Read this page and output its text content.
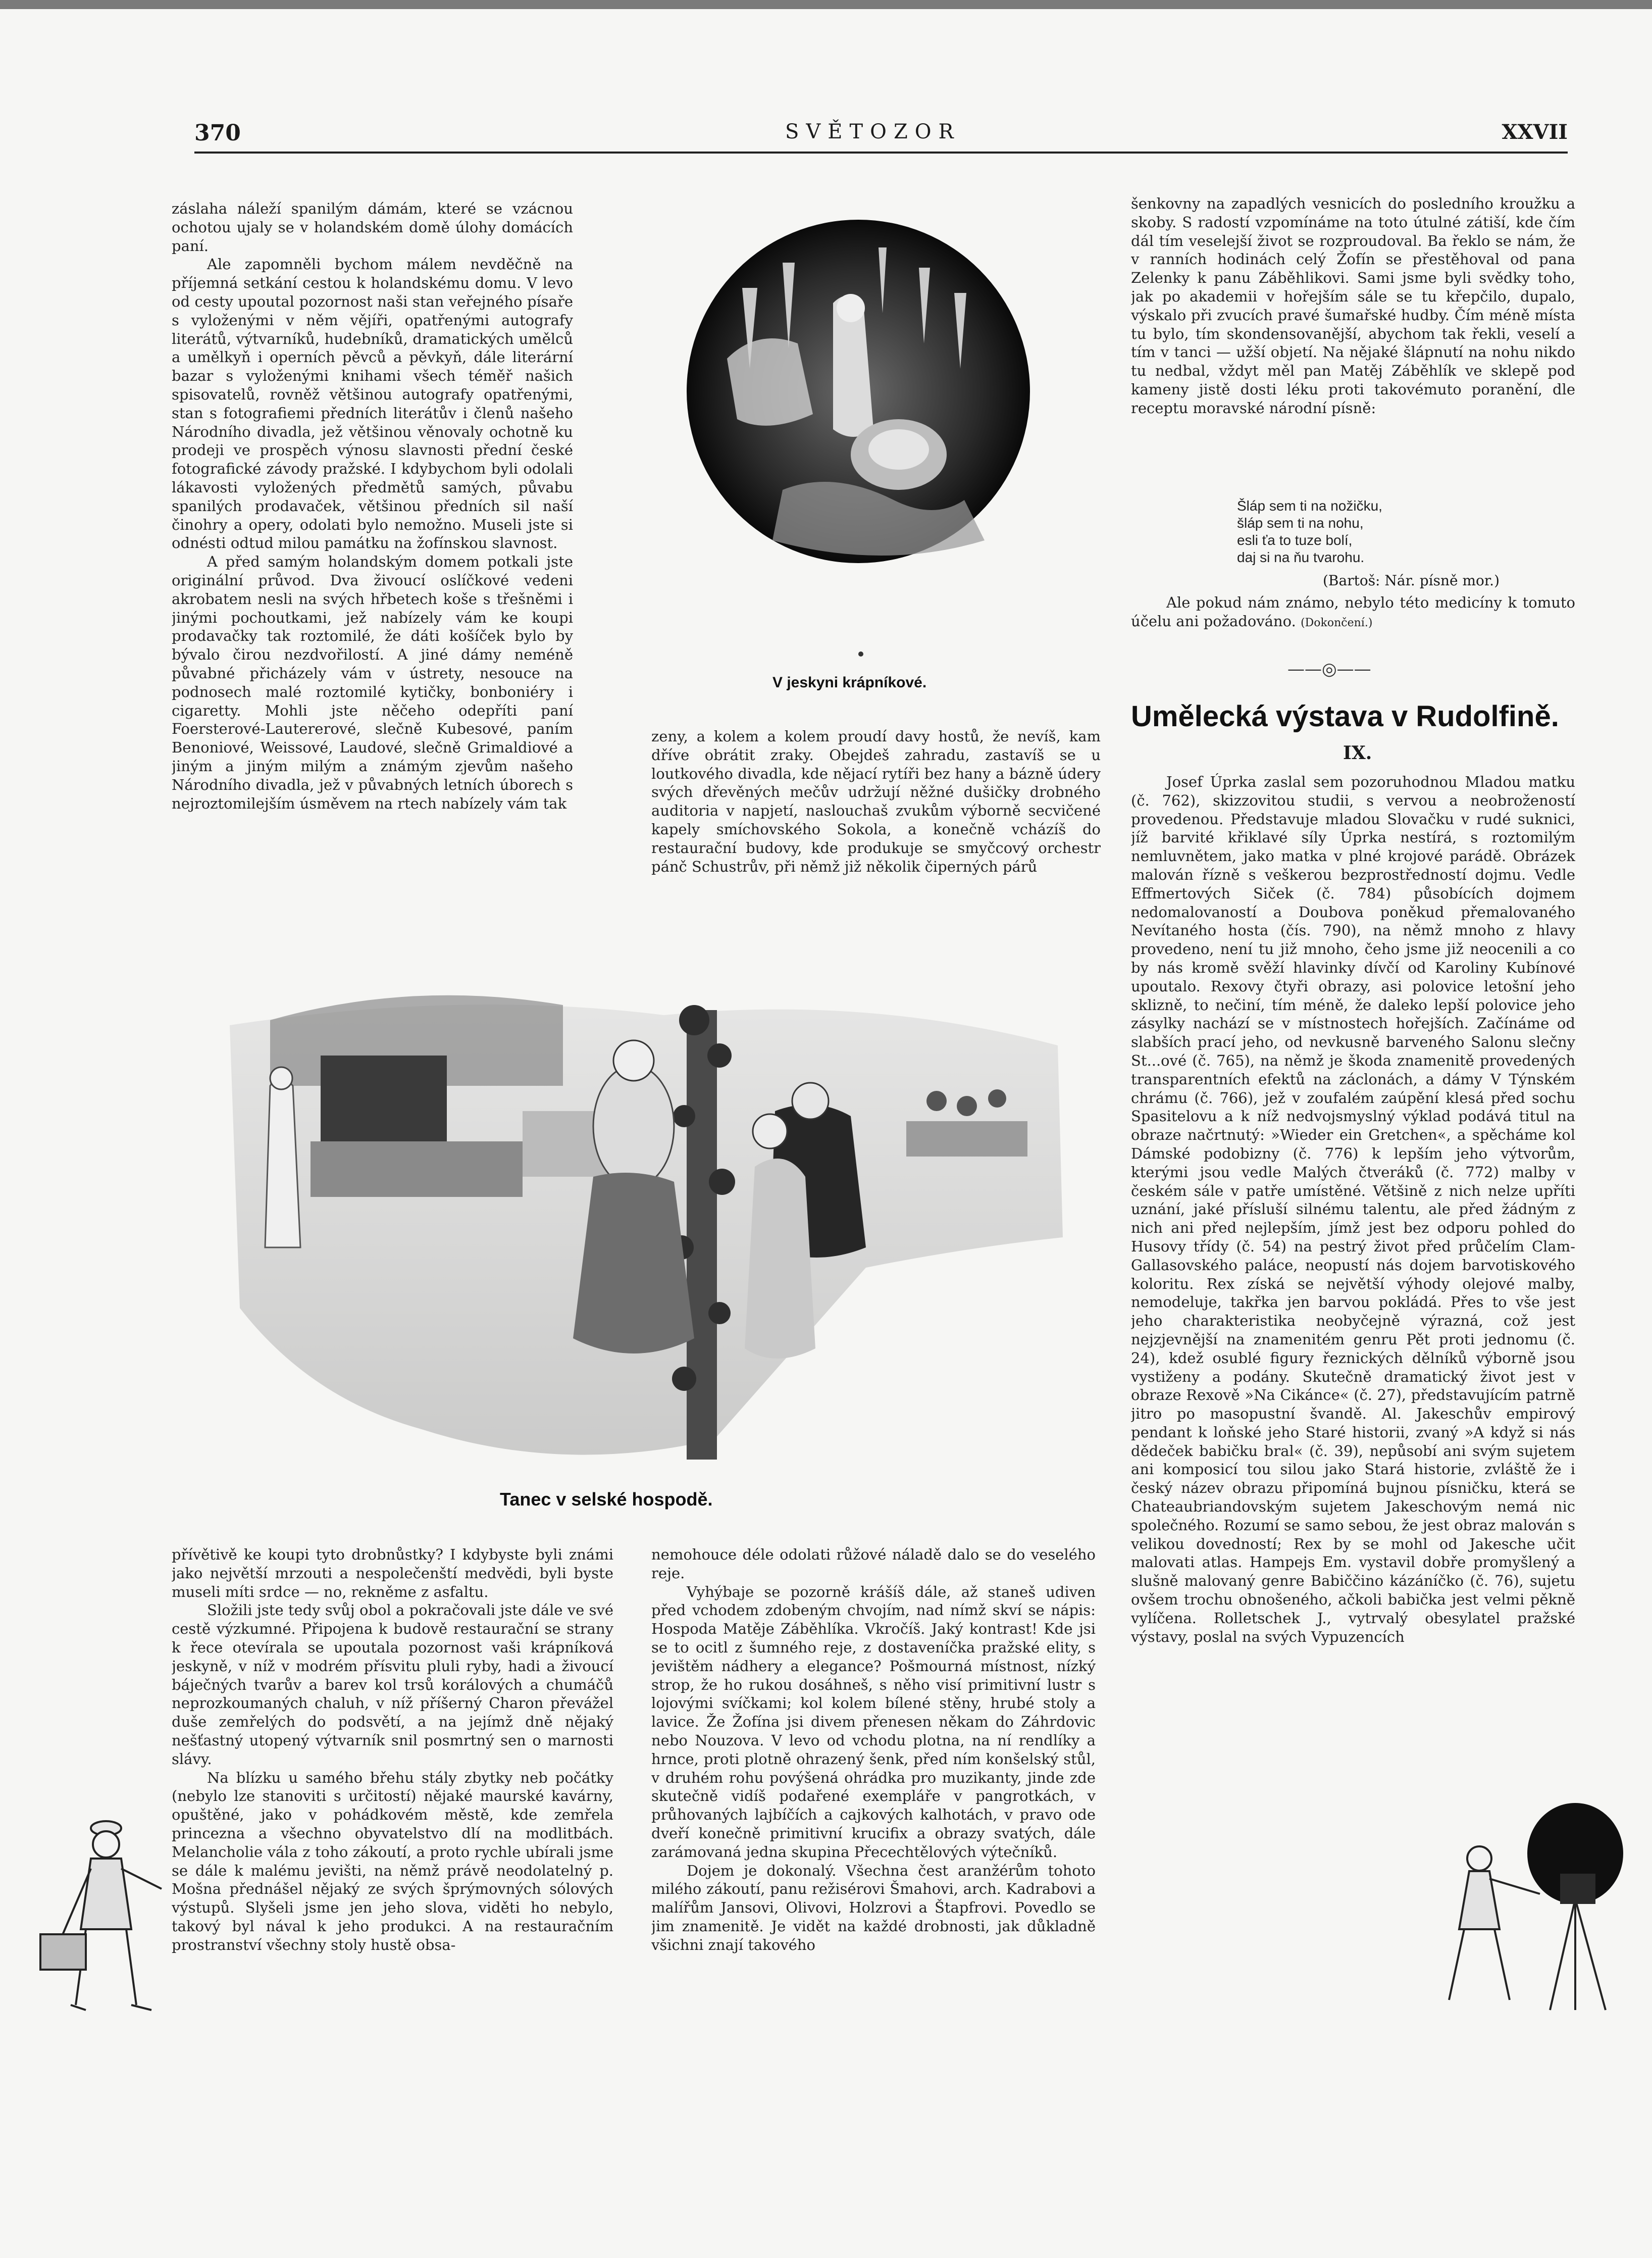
370	SVĚTOZOR	XXVII

záslaha náleží spanilým dámám, které se vzácnou ochotou ujaly se v holandském domě úlohy domácích paní.

Ale zapomněli bychom málem nevděčně na příjemná setkání cestou k holandskému domu. V levo od cesty upoutal pozornost naši stan veřejného písaře s vyloženými v něm vějíři, opatřenými autografy literátů, výtvarníků, hudebníků, dramatických umělců a umělkyň i operních pěvců a pěvkyň, dále literární bazar s vyloženými knihami všech téměř našich spisovatelů, rovněž většinou autografy opatřenými, stan s fotografiemi předních literátův i členů našeho Národního divadla, jež většinou věnovaly ochotně ku prodeji ve prospěch výnosu slavnosti přední české fotografické závody pražské. I kdybychom byli odolali lákavosti vyložených předmětů samých, půvabu spanilých prodavaček, většinou předních sil naší činohry a opery, odolati bylo nemožno. Museli jste si odnésti odtud milou památku na žofínskou slavnost.

A před samým holandským domem potkali jste originální průvod. Dva živoucí oslíčkové vedeni akrobatem nesli na svých hřbetech koše s třešněmi i jinými pochoutkami, jež nabízely vám ke koupi prodavačky tak roztomilé, že dáti košíček bylo by bývalo čirou nezdvořilostí. A jiné dámy neméně půvabné přicházely vám v ústrety, nesouce na podnosech malé roztomilé kytičky, bonboniéry i cigaretty. Mohli jste něčeho odepříti paní Foersterové-Lautererové, slečně Kubesové, paním Benoniové, Weissové, Laudové, slečně Grimaldiové a jiným a jiným milým a známým zjevům našeho Národního divadla, jež v půvabných letních úborech s nejroztomilejším úsměvem na rtech nabízely vám tak

V jeskyni krápníkové.

šenkovny na zapadlých vesnicích do posledního kroužku a skoby. S radostí vzpomínáme na toto útulné zátiší, kde čím dál tím veselejší život se rozproudoval. Ba řeklo se nám, že v ranních hodinách celý Žofín se přestěhoval od pana Zelenky k panu Záběhlikovi. Sami jsme byli svědky toho, jak po akademii v hořejším sále se tu křepčilo, dupalo, výskalo při zvucích pravé šumařské hudby. Čím méně místa tu bylo, tím skondensovanější, abychom tak řekli, veselí a tím v tanci — užší objetí. Na nějaké šlápnutí na nohu nikdo tu nedbal, vždyt měl pan Matěj Záběhlík ve sklepě pod kameny jistě dosti léku proti takovémuto poranění, dle receptu moravské národní písně:

Šláp sem ti na nožičku,
šláp sem ti na nohu,
esli ťa to tuze bolí,
daj si na ňu tvarohu.
(Bartoš: Nár. písně mor.)

Ale pokud nám známo, nebylo této medicíny k tomuto účelu ani požadováno. (Dokončení.)

——◎——
Umělecká výstava v Rudolfině.
IX.

Josef Úprka zaslal sem pozoruhodnou Mladou matku (č. 762), skizzovitou studii, s vervou a neobrožeností provedenou. Představuje mladou Slovačku v rudé suknici, jíž barvité křiklavé síly Úprka nestírá, s roztomilým nemluvnětem, jako matka v plné krojové parádě. Obrázek malován řízně s veškerou bezprostředností dojmu. Vedle Effmertových Siček (č. 784) působících dojmem nedomalovaností a Doubova poněkud přemalovaného Nevítaného hosta (čís. 790), na němž mnoho z hlavy provedeno, není tu již mnoho, čeho jsme již neocenili a co by nás kromě svěží hlavinky dívčí od Karoliny Kubínové upoutalo. Rexovy čtyři obrazy, asi polovice letošní jeho sklizně, to nečiní, tím méně, že daleko lepší polovice jeho zásylky nachází se v místnostech hořejších. Začínáme od slabších prací jeho, od nevkusně barveného Salonu slečny St...ové (č. 765), na němž je škoda znamenitě provedených transparentních efektů na záclonách, a dámy V Týnském chrámu (č. 766), jež v zoufalém zaúpění klesá před sochu Spasitelovu a k níž nedvojsmyslný výklad podává titul na obraze načrtnutý: »Wieder ein Gretchen«, a spěcháme kol Dámské podobizny (č. 776) k lepším jeho výtvorům, kterými jsou vedle Malých čtveráků (č. 772) malby v českém sále v patře umístěné. Většině z nich nelze upříti uznání, jaké přísluší silnému talentu, ale před žádným z nich ani před nejlepším, jímž jest bez odporu pohled do Husovy třídy (č. 54) na pestrý život před průčelím Clam-Gallasovského paláce, neopustí nás dojem barvotiskového koloritu. Rex získá se největší výhody olejové malby, nemodeluje, takřka jen barvou pokládá. Přes to vše jest jeho charakteristika neobyčejně výrazná, což jest nejzjevnější na znamenitém genru Pět proti jednomu (č. 24), kdež osublé figury řeznických dělníků výborně jsou vystiženy a podány. Skutečně dramatický život jest v obraze Rexově »Na Cikánce« (č. 27), představujícím patrně jitro po masopustní švandě. Al. Jakeschův empirový pendant k loňské jeho Staré historii, zvaný »A když si nás dědeček babičku bral« (č. 39), nepůsobí ani svým sujetem ani komposicí tou silou jako Stará historie, zvláště že i český název obrazu připomíná bujnou písničku, která se Chateaubriandovským sujetem Jakeschovým nemá nic společného. Rozumí se samo sebou, že jest obraz malován s velikou dovedností; Rex by se mohl od Jakesche učit malovati atlas. Hampejs Em. vystavil dobře promyšlený a slušně malovaný genre Babiččino kázáníčko (č. 76), sujetu ovšem trochu obnošeného, ačkoli babička jest velmi pěkně vylíčena. Rolletschek J., vytrvalý obesylatel pražské výstavy, poslal na svých Vypuzencích

zeny, a kolem a kolem proudí davy hostů, že nevíš, kam dříve obrátit zraky. Obejdeš zahradu, zastavíš se u loutkového divadla, kde nějací rytíři bez hany a bázně údery svých dřevěných mečův udržují něžné dušičky drobného auditoria v napjetí, naslouchaš zvukům výborně secvičené kapely smíchovského Sokola, a konečně vcházíš do restaurační budovy, kde produkuje se smyčcový orchestr pánč Schustrův, při němž již několik čiperných párů

Tanec v selské hospodě.

přívětivě ke koupi tyto drobnůstky? I kdybyste byli známi jako největší mrzouti a nespolečenští medvědi, byli byste museli míti srdce — no, rekněme z asfaltu.

Složili jste tedy svůj obol a pokračovali jste dále ve své cestě výzkumné. Připojena k budově restaurační se strany k řece otevírala se upoutala pozornost vaši krápníková jeskyně, v níž v modrém přísvitu pluli ryby, hadi a živoucí báječných tvarův a barev kol trsů korálových a chumáčů neprozkoumaných chaluh, v níž příšerný Charon převážel duše zemřelých do podsvětí, a na jejímž dně nějaký nešťastný utopený výtvarník snil posmrtný sen o marnosti slávy.

Na blízku u samého břehu stály zbytky neb počátky (nebylo lze stanoviti s určitostí) nějaké maurské kavárny, opuštěné, jako v pohádkovém městě, kde zemřela princezna a všechno obyvatelstvo dlí na modlitbách. Melancholie vála z toho zákoutí, a proto rychle ubírali jsme se dále k malému jevišti, na němž právě neodolatelný p. Mošna přednášel nějaký ze svých šprýmovných sólových výstupů. Slyšeli jsme jen jeho slova, viděti ho nebylo, takový byl nával k jeho produkci. A na restauračním prostranství všechny stoly hustě obsa-

nemohouce déle odolati růžové náladě dalo se do veselého reje.

Vyhýbaje se pozorně krášíš dále, až staneš udiven před vchodem zdobeným chvojím, nad nímž skví se nápis: Hospoda Matěje Záběhlíka. Vkročíš. Jaký kontrast! Kde jsi se to ocitl z šumného reje, z dostaveníčka pražské elity, s jevištěm nádhery a elegance? Pošmourná místnost, nízký strop, že ho rukou dosáhneš, s něho visí primitivní lustr s lojovými svíčkami; kol kolem bílené stěny, hrubé stoly a lavice. Že Žofína jsi divem přenesen někam do Záhrdovic nebo Nouzova. V levo od vchodu plotna, na ní rendlíky a hrnce, proti plotně ohrazený šenk, před ním konšelský stůl, v druhém rohu povýšená ohrádka pro muzikanty, jinde zde skutečně vidíš podařené exempláře v pangrotkách, v průhovaných lajbíčích a cajkových kalhotách, v pravo ode dveří konečně primitivní krucifix a obrazy svatých, dále zarámovaná jedna skupina Přecechtělových výtečníků.

Dojem je dokonalý. Všechna čest aranžérům tohoto milého zákoutí, panu režisérovi Šmahovi, arch. Kadrabovi a malířům Jansovi, Olivovi, Holzrovi a Štapfrovi. Povedlo se jim znamenitě. Je vidět na každé drobnosti, jak důkladně všichni znají takového
